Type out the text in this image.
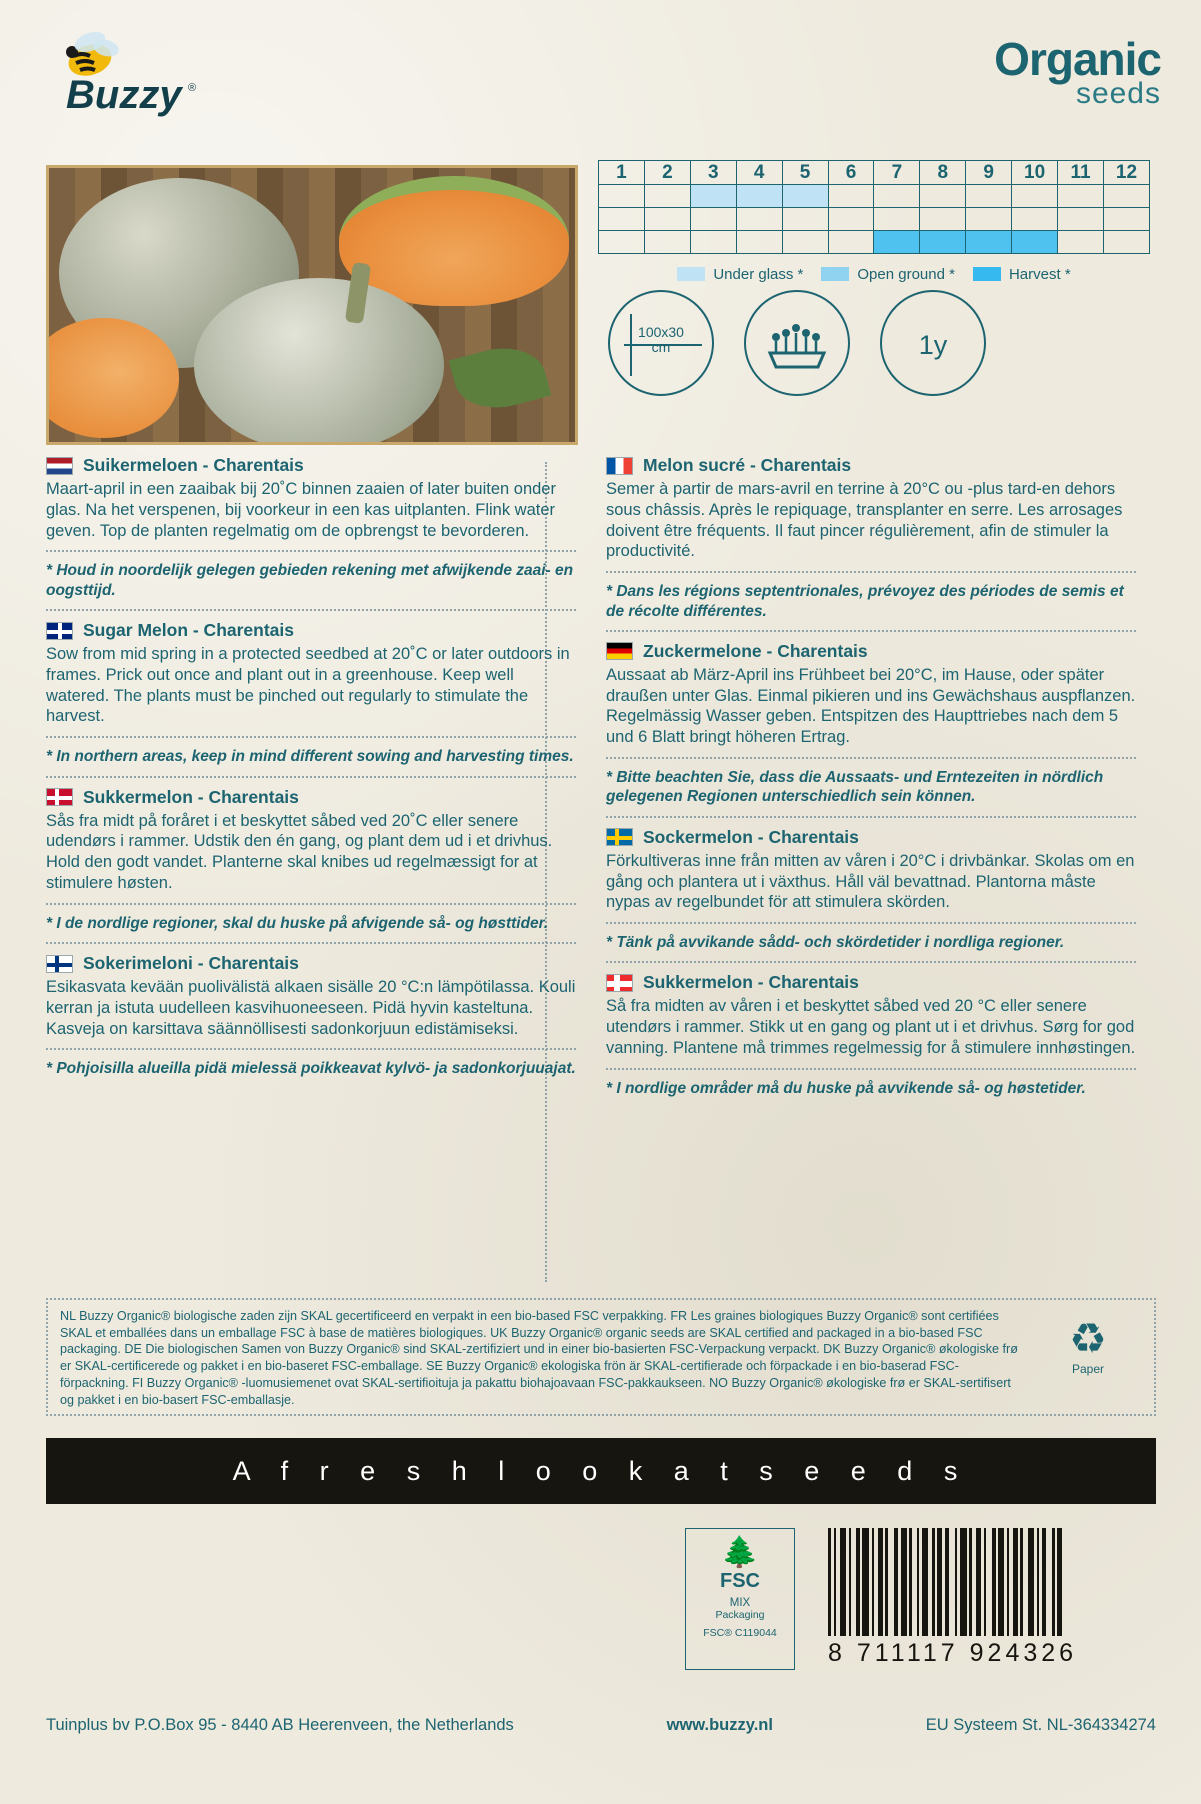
Buzzy ®
Organic
seeds
1	2	3	4	5	6	7	8	9	10	11	12

Under glass *	Open ground *	Harvest *
100x30
cm	1y
Suikermeloen - Charentais
Maart-april in een zaaibak bij 20˚C binnen zaaien of later buiten onder glas. Na het verspenen, bij voorkeur in een kas uitplanten. Flink water geven. Top de planten regelmatig om de opbrengst te bevorderen.
* Houd in noordelijk gelegen gebieden rekening met afwijkende zaai- en oogsttijd.
Sugar Melon - Charentais
Sow from mid spring in a protected seedbed at 20˚C or later outdoors in frames. Prick out once and plant out in a greenhouse. Keep well watered. The plants must be pinched out regularly to stimulate the harvest.
* In northern areas, keep in mind different sowing and harvesting times.
Sukkermelon - Charentais
Sås fra midt på foråret i et beskyttet såbed ved 20˚C eller senere udendørs i rammer. Udstik den én gang, og plant dem ud i et drivhus. Hold den godt vandet. Planterne skal knibes ud regelmæssigt for at stimulere høsten.
* I de nordlige regioner, skal du huske på afvigende så- og høsttider.
Sokerimeloni - Charentais
Esikasvata kevään puolivälistä alkaen sisälle 20 °C:n lämpötilassa. Kouli kerran ja istuta uudelleen kasvihuoneeseen. Pidä hyvin kasteltuna. Kasveja on karsittava säännöllisesti sadonkorjuun edistämiseksi.
* Pohjoisilla alueilla pidä mielessä poikkeavat kylvö- ja sadonkorjuuajat.
Melon sucré - Charentais
Semer à partir de mars-avril en terrine à 20°C ou -plus tard-en dehors sous châssis. Après le repiquage, transplanter en serre. Les arrosages doivent être fréquents. Il faut pincer régulièrement, afin de stimuler la productivité.
* Dans les régions septentrionales, prévoyez des périodes de semis et de récolte différentes.
Zuckermelone - Charentais
Aussaat ab März-April ins Frühbeet bei 20°C, im Hause, oder später draußen unter Glas. Einmal pikieren und ins Gewächshaus auspflanzen. Regelmässig Wasser geben. Entspitzen des Haupttriebes nach dem 5 und 6 Blatt bringt höheren Ertrag.
* Bitte beachten Sie, dass die Aussaats- und Erntezeiten in nördlich gelegenen Regionen unterschiedlich sein können.
Sockermelon - Charentais
Förkultiveras inne från mitten av våren i 20°C i drivbänkar. Skolas om en gång och plantera ut i växthus. Håll väl bevattnad. Plantorna måste nypas av regelbundet för att stimulera skörden.
* Tänk på avvikande sådd- och skördetider i nordliga regioner.
Sukkermelon - Charentais
Så fra midten av våren i et beskyttet såbed ved 20 °C eller senere utendørs i rammer. Stikk ut en gang og plant ut i et drivhus. Sørg for god vanning. Plantene må trimmes regelmessig for å stimulere innhøstingen.
* I nordlige områder må du huske på avvikende så- og høstetider.
NL Buzzy Organic® biologische zaden zijn SKAL gecertificeerd en verpakt in een bio-based FSC verpakking. FR Les graines biologiques Buzzy Organic® sont certifiées SKAL et emballées dans un emballage FSC à base de matières biologiques. UK Buzzy Organic® organic seeds are SKAL certified and packaged in a bio-based FSC packaging. DE Die biologischen Samen von Buzzy Organic® sind SKAL-zertifiziert und in einer bio-basierten FSC-Verpackung verpackt. DK Buzzy Organic® økologiske frø er SKAL-certificerede og pakket i en bio-baseret FSC-emballage. SE Buzzy Organic® ekologiska frön är SKAL-certifierade och förpackade i en bio-baserad FSC-förpackning. FI Buzzy Organic® -luomusiemenet ovat SKAL-sertifioituja ja pakattu biohajoavaan FSC-pakkaukseen. NO Buzzy Organic® økologiske frø er SKAL-sertifisert og pakket i en bio-basert FSC-emballasje.
♻
Paper
A f r e s h l o o k a t s e e d s
🌲
FSC
MIX
Packaging
FSC® C119044
8 711117 924326
Tuinplus bv P.O.Box 95 - 8440 AB Heerenveen, the Netherlands	www.buzzy.nl	EU Systeem St. NL-364334274
